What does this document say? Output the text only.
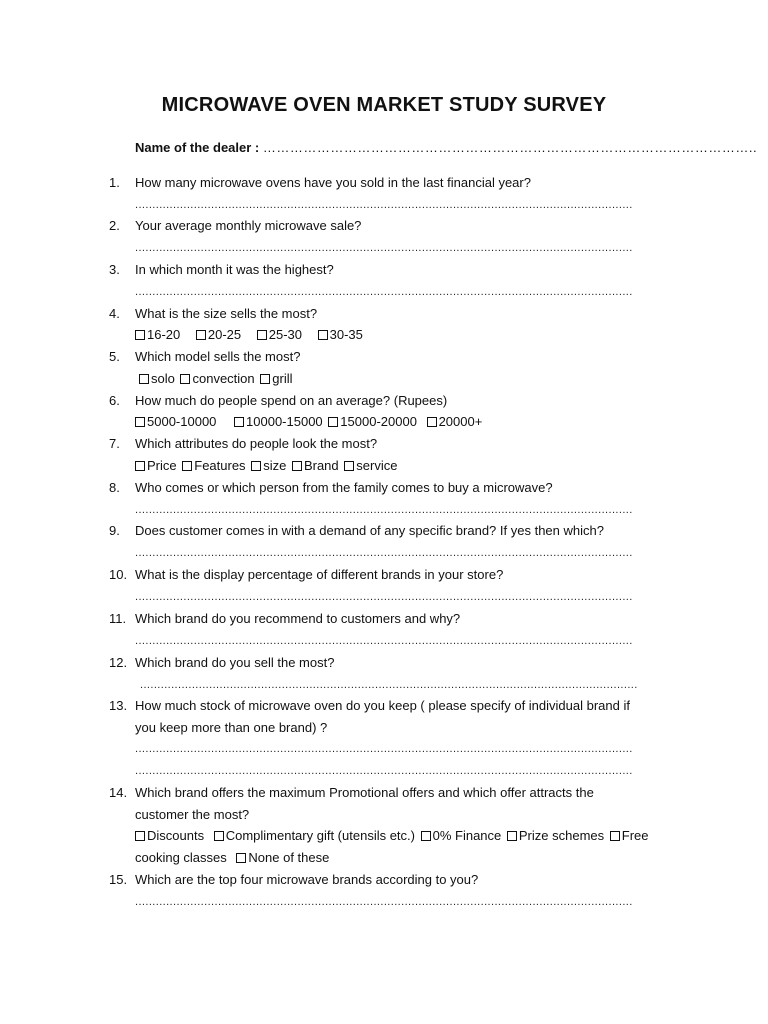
MICROWAVE OVEN MARKET STUDY SURVEY
Name of the dealer : ………………………………………………………………………………………………..
1.	How many microwave ovens have you sold in the last financial year?
................................................................................................................................................
2.	Your average monthly microwave sale?
................................................................................................................................................
3.	In which month it was the highest?
................................................................................................................................................
4.	What is the size sells the most?
16-20 20-25 25-30 30-35
5.	Which model sells the most?
solo convection grill
6.	How much do people spend on an average? (Rupees)
5000-10000 10000-15000 15000-20000 20000+
7.	Which attributes do people look the most?
Price Features size Brand service
8.	Who comes or which person from the family comes to buy a microwave?
................................................................................................................................................
9.	Does customer comes in with a demand of any specific brand? If yes then which?
................................................................................................................................................
10. What is the display percentage of different brands in your store?
................................................................................................................................................
11. Which brand do you recommend to customers and why?
................................................................................................................................................
12. Which brand do you sell the most?
................................................................................................................................................
13. How much stock of microwave oven do you keep ( please specify of individual brand if
you keep more than one brand) ?
................................................................................................................................................
................................................................................................................................................
14. Which brand offers the maximum Promotional offers and which offer attracts the
customer the most?
Discounts Complimentary gift (utensils etc.) 0% Finance Prize schemes Free
cooking classes None of these
15. Which are the top four microwave brands according to you?
................................................................................................................................................
